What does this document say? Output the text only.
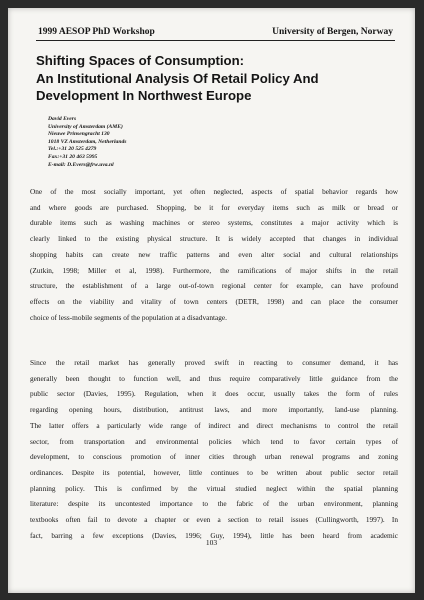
1999 AESOP PhD Workshop	University of Bergen, Norway
Shifting Spaces of Consumption:
An Institutional Analysis Of Retail Policy And
Development In Northwest Europe
David Evers
University of Amsterdam (AME)
Nieuwe Prinsengracht 130
1018 VZ Amsterdam, Netherlands
Tel.:+31 20 525 4279
Fax:+31 20 463 5995
E-mail: D.Evers@frw.uva.nl

One of the most socially important, yet often neglected, aspects of spatial behavior regards how
and where goods are purchased. Shopping, be it for everyday items such as milk or bread or
durable items such as washing machines or stereo systems, constitutes a major activity which is
clearly linked to the existing physical structure. It is widely accepted that changes in individual
shopping habits can create new traffic patterns and even alter social and cultural relationships
(Zutkin, 1998; Miller et al, 1998). Furthermore, the ramifications of major shifts in the retail
structure, the establishment of a large out-of-town regional center for example, can have profound
effects on the viability and vitality of town centers (DETR, 1998) and can place the consumer
choice of less-mobile segments of the population at a disadvantage.

Since the retail market has generally proved swift in reacting to consumer demand, it has
generally been thought to function well, and thus require comparatively little guidance from the
public sector (Davies, 1995). Regulation, when it does occur, usually takes the form of rules
regarding opening hours, distribution, antitrust laws, and more importantly, land-use planning.
The latter offers a particularly wide range of indirect and direct mechanisms to control the retail
sector, from transportation and environmental policies which tend to favor certain types of
development, to conscious promotion of inner cities through urban renewal programs and zoning
ordinances. Despite its potential, however, little continues to be written about public sector retail
planning policy. This is confirmed by the virtual studied neglect within the spatial planning
literature: despite its uncontested importance to the fabric of the urban environment, planning
textbooks often fail to devote a chapter or even a section to retail issues (Cullingworth, 1997). In
fact, barring a few exceptions (Davies, 1996; Guy, 1994), little has been heard from academic

103
